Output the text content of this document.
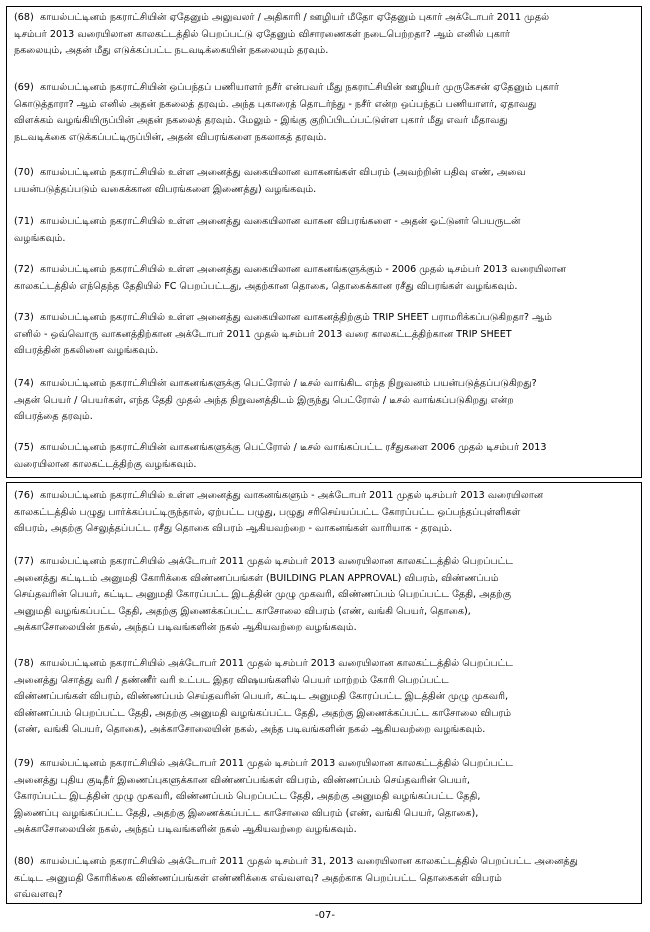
(68) காயல்பட்டினம் நகராட்சியின் ஏதேனும் அலுவலர் / அதிகாரி / ஊழியர் மீதோ ஏதேனும் புகார் அக்டோபர் 2011 முதல்
டிசம்பர் 2013 வரையிலான காலகட்டத்தில் பெறப்பட்டு ஏதேனும் விசாரணைகள் நடைபெற்றதா? ஆம் எனில் புகார்
நகலையும், அதன் மீது எடுக்கப்பட்ட நடவடிக்கையின் நகலையும் தரவும்.
(69) காயல்பட்டினம் நகராட்சியின் ஒப்பந்தப் பணியாளர் நசீர் என்பவர் மீது நகராட்சியின் ஊழியர் முருகேசன் ஏதேனும் புகார்
கொடுத்தாரா? ஆம் எனில் அதன் நகலைத் தரவும். அந்த புகாரைத் தொடர்ந்து - நசீர் என்ற ஒப்பந்தப் பணியாளர், ஏதாவது
விளக்கம் வழங்கியிருப்பின் அதன் நகலைத் தரவும். மேலும் - இங்கு குறிப்பிடப்பட்டுள்ள புகார் மீது எவர் மீதாவது
நடவடிக்கை எடுக்கப்பட்டிருப்பின், அதன் விபரங்களை நகலாகத் தரவும்.
(70) காயல்பட்டினம் நகராட்சியில் உள்ள அனைத்து வகையிலான வாகனங்கள் விபரம் (அவற்றின் பதிவு எண், அவை
பயன்படுத்தப்படும் வகைக்கான விபரங்களை இணைத்து) வழங்கவும்.
(71) காயல்பட்டினம் நகராட்சியில் உள்ள அனைத்து வகையிலான வாகன விபரங்களை - அதன் ஓட்டுனர் பெயருடன்
வழங்கவும்.
(72) காயல்பட்டினம் நகராட்சியில் உள்ள அனைத்து வகையிலான வாகனங்களுக்கும் - 2006 முதல் டிசம்பர் 2013 வரையிலான
காலகட்டத்தில் எந்தெந்த தேதியில் FC பெறப்பட்டது, அதற்கான தொகை, தொகைக்கான ரசீது விபரங்கள் வழங்கவும்.
(73) காயல்பட்டினம் நகராட்சியில் உள்ள அனைத்து வகையிலான வாகனத்திற்கும் TRIP SHEET பராமரிக்கப்படுகிறதா? ஆம்
எனில் - ஒவ்வொரு வாகனத்திற்கான அக்டோபர் 2011 முதல் டிசம்பர் 2013 வரை காலகட்டத்திற்கான TRIP SHEET
விபரத்தின் நகலினை வழங்கவும்.
(74) காயல்பட்டினம் நகராட்சியின் வாகனங்களுக்கு பெட்ரோல் / டீசல் வாங்கிட எந்த நிறுவனம் பயன்படுத்தப்படுகிறது?
அதன் பெயர் / பெயர்கள், எந்த தேதி முதல் அந்த நிறுவனத்திடம் இருந்து பெட்ரோல் / டீசல் வாங்கப்படுகிறது என்ற
விபரத்தை தரவும்.
(75) காயல்பட்டினம் நகராட்சியின் வாகனங்களுக்கு பெட்ரோல் / டீசல் வாங்கப்பட்ட ரசீதுகளை 2006 முதல் டிசம்பர் 2013
வரையிலான காலகட்டத்திற்கு வழங்கவும்.
(76) காயல்பட்டினம் நகராட்சியில் உள்ள அனைத்து வாகனங்களும் - அக்டோபர் 2011 முதல் டிசம்பர் 2013 வரையிலான
காலகட்டத்தில் பழுது பார்க்கப்பட்டிருந்தால், ஏற்பட்ட பழுது, பழுது சரிசெய்யப்பட்ட கோரப்பட்ட ஒப்பந்தப்புள்ளிகள்
விபரம், அதற்கு செலுத்தப்பட்ட ரசீது தொகை விபரம் ஆகியவற்றை - வாகனங்கள் வாரியாக - தரவும்.
(77) காயல்பட்டினம் நகராட்சியில் அக்டோபர் 2011 முதல் டிசம்பர் 2013 வரையிலான காலகட்டத்தில் பெறப்பட்ட
அனைத்து கட்டிடம் அனுமதி கோரிக்கை விண்ணப்பங்கள் (BUILDING PLAN APPROVAL) விபரம், விண்ணப்பம்
செய்தவரின் பெயர், கட்டிட அனுமதி கோரப்பட்ட இடத்தின் முழு முகவரி, விண்ணப்பம் பெறப்பட்ட தேதி, அதற்கு
அனுமதி வழங்கப்பட்ட தேதி, அதற்கு இணைக்கப்பட்ட காசோலை விபரம் (எண், வங்கி பெயர், தொகை),
அக்காசோலையின் நகல், அந்தப் படிவங்களின் நகல் ஆகியவற்றை வழங்கவும்.
(78) காயல்பட்டினம் நகராட்சியில் அக்டோபர் 2011 முதல் டிசம்பர் 2013 வரையிலான காலகட்டத்தில் பெறப்பட்ட
அனைத்து சொத்து வரி / தண்ணீர் வரி உட்பட இதர விஷயங்களில் பெயர் மாற்றம் கோரி பெறப்பட்ட
விண்ணப்பங்கள் விபரம், விண்ணப்பம் செய்தவரின் பெயர், கட்டிட அனுமதி கோரப்பட்ட இடத்தின் முழு முகவரி,
விண்ணப்பம் பெறப்பட்ட தேதி, அதற்கு அனுமதி வழங்கப்பட்ட தேதி, அதற்கு இணைக்கப்பட்ட காசோலை விபரம்
(எண், வங்கி பெயர், தொகை), அக்காசோலையின் நகல், அந்த படிவங்களின் நகல் ஆகியவற்றை வழங்கவும்.
(79) காயல்பட்டினம் நகராட்சியில் அக்டோபர் 2011 முதல் டிசம்பர் 2013 வரையிலான காலகட்டத்தில் பெறப்பட்ட
அனைத்து புதிய குடிநீர் இணைப்புகளுக்கான விண்ணப்பங்கள் விபரம், விண்ணப்பம் செய்தவரின் பெயர்,
கோரப்பட்ட இடத்தின் முழு முகவரி, விண்ணப்பம் பெறப்பட்ட தேதி, அதற்கு அனுமதி வழங்கப்பட்ட தேதி,
இணைப்பு வழங்கப்பட்ட தேதி, அதற்கு இணைக்கப்பட்ட காசோலை விபரம் (எண், வங்கி பெயர், தொகை),
அக்காசோலையின் நகல், அந்தப் படிவங்களின் நகல் ஆகியவற்றை வழங்கவும்.
(80) காயல்பட்டினம் நகராட்சியில் அக்டோபர் 2011 முதல் டிசம்பர் 31, 2013 வரையிலான காலகட்டத்தில் பெறப்பட்ட அனைத்து
கட்டிட அனுமதி கோரிக்கை விண்ணப்பங்கள் எண்ணிக்கை எவ்வளவு? அதற்காக பெறப்பட்ட தொகைகள் விபரம்
எவ்வளவு?
-07-
